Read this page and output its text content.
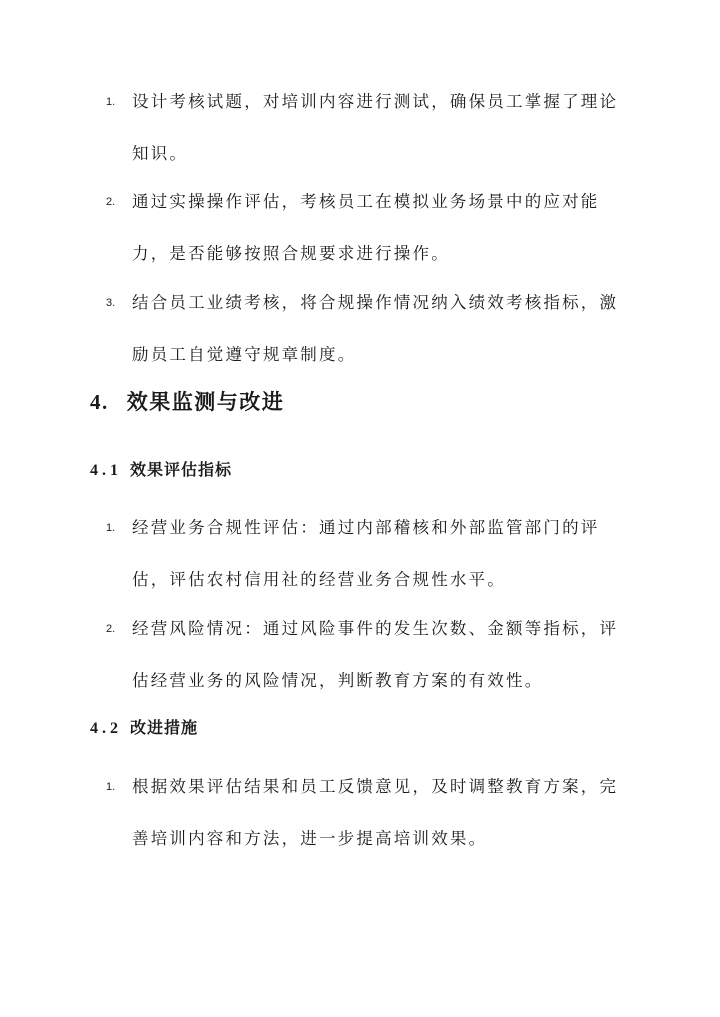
1. 设计考核试题，对培训内容进行测试，确保员工掌握了理论知识。
2. 通过实操操作评估，考核员工在模拟业务场景中的应对能力，是否能够按照合规要求进行操作。
3. 结合员工业绩考核，将合规操作情况纳入绩效考核指标，激励员工自觉遵守规章制度。
4. 效果监测与改进
4.1 效果评估指标
1. 经营业务合规性评估：通过内部稽核和外部监管部门的评估，评估农村信用社的经营业务合规性水平。
2. 经营风险情况：通过风险事件的发生次数、金额等指标，评估经营业务的风险情况，判断教育方案的有效性。
4.2 改进措施
1. 根据效果评估结果和员工反馈意见，及时调整教育方案，完善培训内容和方法，进一步提高培训效果。
